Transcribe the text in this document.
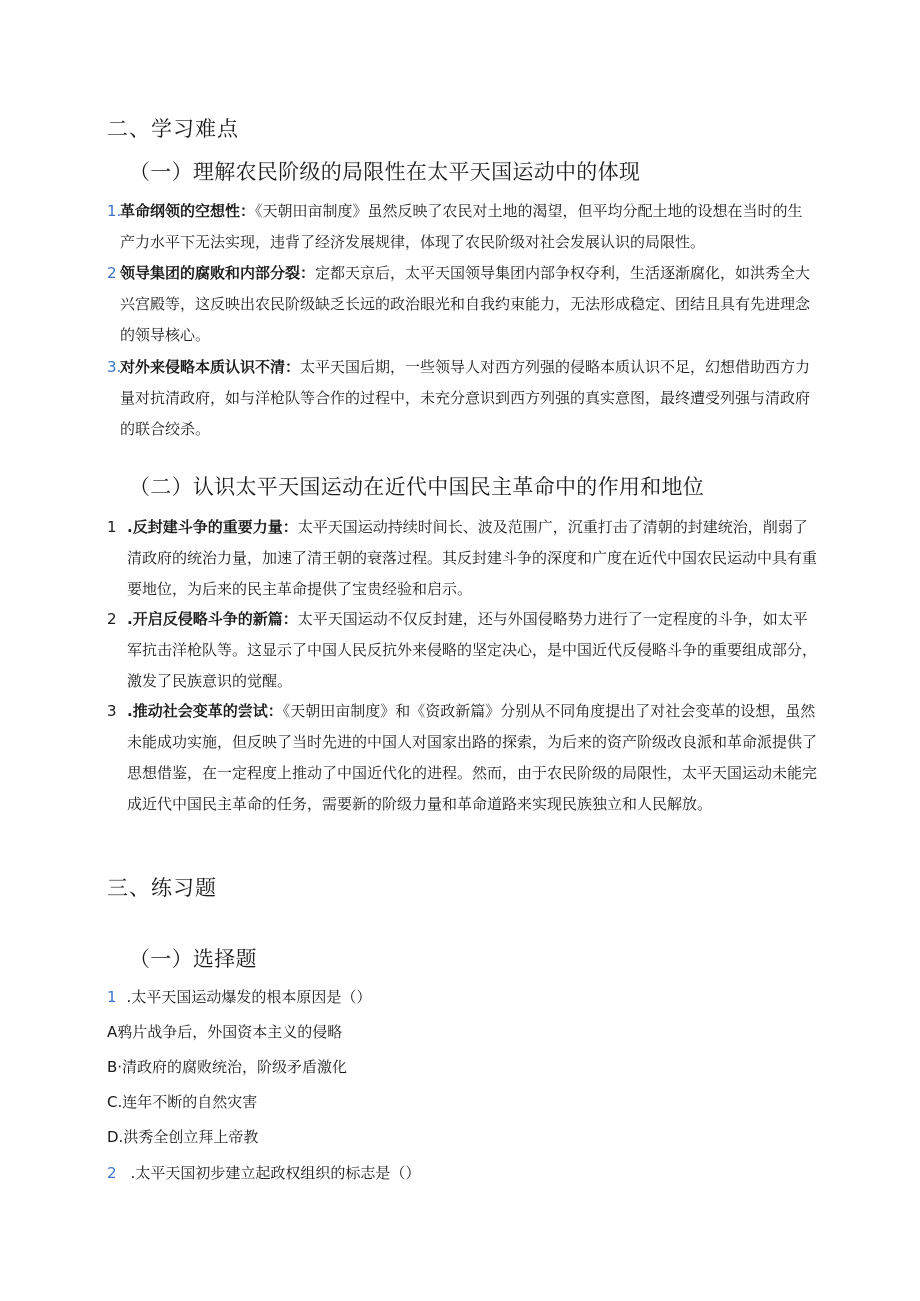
二、学习难点
（一）理解农民阶级的局限性在太平天国运动中的体现
1.
革命纲领的空想性：《天朝田亩制度》虽然反映了农民对土地的渴望，但平均分配土地的设想在当时的生产力水平下无法实现，违背了经济发展规律，体现了农民阶级对社会发展认识的局限性。
2 领导集团的腐败和内部分裂：定都天京后，太平天国领导集团内部争权夺利，生活逐渐腐化，如洪秀全大兴宫殿等，这反映出农民阶级缺乏长远的政治眼光和自我约束能力，无法形成稳定、团结且具有先进理念的领导核心。
3.
对外来侵略本质认识不清：太平天国后期，一些领导人对西方列强的侵略本质认识不足，幻想借助西方力量对抗清政府，如与洋枪队等合作的过程中，未充分意识到西方列强的真实意图，最终遭受列强与清政府的联合绞杀。
（二）认识太平天国运动在近代中国民主革命中的作用和地位
1 .反封建斗争的重要力量：太平天国运动持续时间长、波及范围广，沉重打击了清朝的封建统治，削弱了清政府的统治力量，加速了清王朝的衰落过程。其反封建斗争的深度和广度在近代中国农民运动中具有重要地位，为后来的民主革命提供了宝贵经验和启示。
2 .开启反侵略斗争的新篇：太平天国运动不仅反封建，还与外国侵略势力进行了一定程度的斗争，如太平军抗击洋枪队等。这显示了中国人民反抗外来侵略的坚定决心，是中国近代反侵略斗争的重要组成部分，激发了民族意识的觉醒。
3 .推动社会变革的尝试：《天朝田亩制度》和《资政新篇》分别从不同角度提出了对社会变革的设想，虽然未能成功实施，但反映了当时先进的中国人对国家出路的探索，为后来的资产阶级改良派和革命派提供了思想借鉴，在一定程度上推动了中国近代化的进程。然而，由于农民阶级的局限性，太平天国运动未能完成近代中国民主革命的任务，需要新的阶级力量和革命道路来实现民族独立和人民解放。
三、练习题
（一）选择题
1 .太平天国运动爆发的根本原因是（）
A鸦片战争后，外国资本主义的侵略
B·清政府的腐败统治，阶级矛盾激化
C.连年不断的自然灾害
D.洪秀全创立拜上帝教
2 .太平天国初步建立起政权组织的标志是（）
